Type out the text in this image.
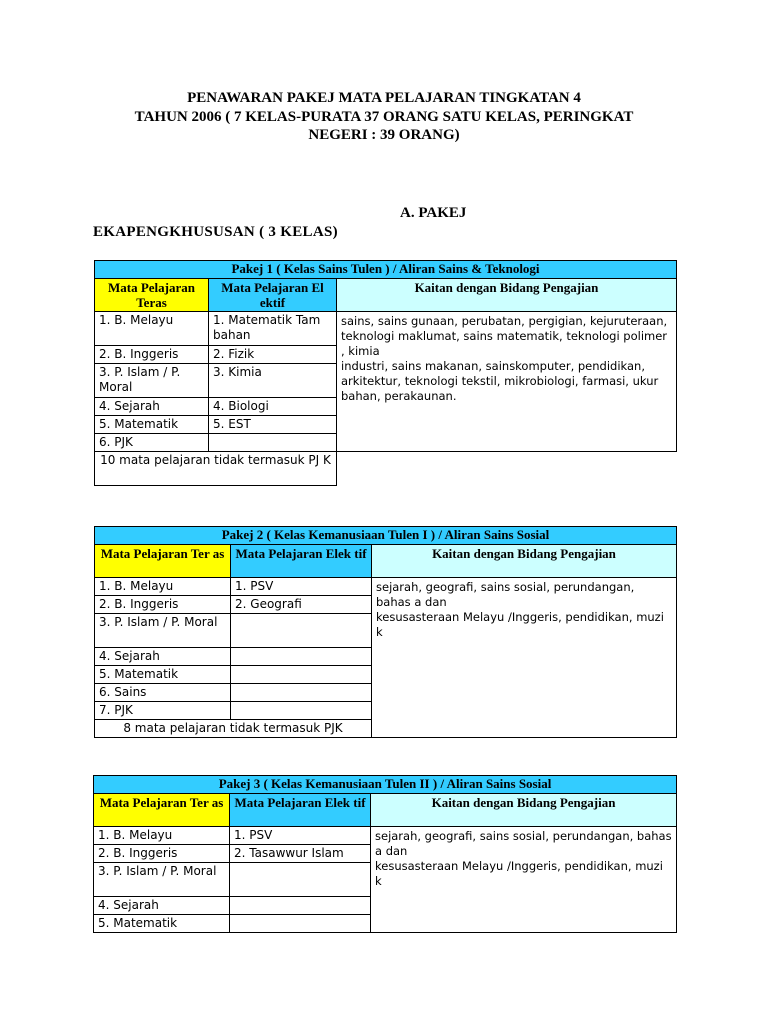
PENAWARAN PAKEJ MATA PELAJARAN TINGKATAN 4
TAHUN 2006 ( 7 KELAS-PURATA 37 ORANG SATU KELAS, PERINGKAT
NEGERI : 39 ORANG)
A. PAKEJ
EKAPENGKHUSUSAN ( 3 KELAS)
Pakej 1 ( Kelas Sains Tulen ) / Aliran Sains & Teknologi		
Mata Pelajaran Teras	Mata Pelajaran El ektif	Kaitan dengan Bidang Pengajian
1. B. Melayu	1. Matematik Tam bahan	sains, sains gunaan, perubatan, pergigian, kejuruteraan, teknologi maklumat, sains matematik, teknologi polimer , kimia
industri, sains makanan, sainskomputer, pendidikan, arkitektur, teknologi tekstil, mikrobiologi, farmasi, ukur bahan, perakaunan.

2. B. Inggeris	2. Fizik	
3. P. Islam / P. Moral	3. Kimia	
4. Sejarah	4. Biologi	
5. Matematik	5. EST	
6. PJK		
10 mata pelajaran tidak termasuk PJ K		
Pakej 2 ( Kelas Kemanusiaan Tulen I ) / Aliran Sains Sosial		
Mata Pelajaran Ter as	Mata Pelajaran Elek tif	Kaitan dengan Bidang Pengajian
1. B. Melayu	1. PSV	sejarah, geografi, sains sosial, perundangan, bahas a dan
kesusasteraan Melayu /Inggeris, pendidikan, muzi k

2. B. Inggeris	2. Geografi	
3. P. Islam / P. Moral		
4. Sejarah		
5. Matematik		
6. Sains		
7. PJK		
8 mata pelajaran tidak termasuk PJK		
Pakej 3 ( Kelas Kemanusiaan Tulen II ) / Aliran Sains Sosial		
Mata Pelajaran Ter as	Mata Pelajaran Elek tif	Kaitan dengan Bidang Pengajian
1. B. Melayu	1. PSV	sejarah, geografi, sains sosial, perundangan, bahas a dan
kesusasteraan Melayu /Inggeris, pendidikan, muzi k

2. B. Inggeris	2. Tasawwur Islam	
3. P. Islam / P. Moral		
4. Sejarah		
5. Matematik		
